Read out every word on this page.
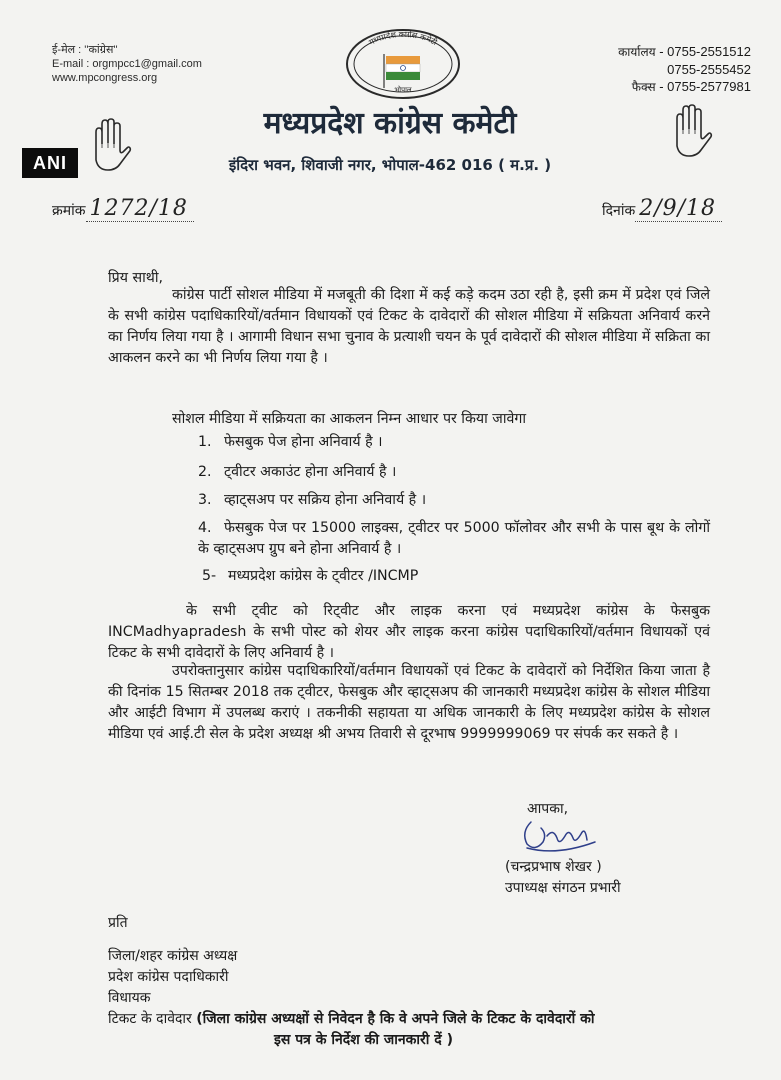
ई-मेल : ''कांग्रेस''
E-mail : orgmpcc1@gmail.com
www.mpcongress.org
मध्यप्रदेश कांग्रेस कमेटी
भोपाल
कार्यालय - 0755-2551512
0755-2555452
फैक्स - 0755-2577981
ANI
मध्यप्रदेश कांग्रेस कमेटी
इंदिरा भवन, शिवाजी नगर, भोपाल-462 016 ( म.प्र. )
क्रमांक 1272/18	दिनांक 2/9/18
प्रिय साथी,
कांग्रेस पार्टी सोशल मीडिया में मजबूती की दिशा में कई कड़े कदम उठा रही है, इसी क्रम में प्रदेश एवं जिले के सभी कांग्रेस पदाधिकारियों/वर्तमान विधायकों एवं टिकट के दावेदारों की सोशल मीडिया में सक्रियता अनिवार्य करने का निर्णय लिया गया है । आगामी विधान सभा चुनाव के प्रत्याशी चयन के पूर्व दावेदारों की सोशल मीडिया में सक्रिता का आकलन करने का भी निर्णय लिया गया है ।
सोशल मीडिया में सक्रियता का आकलन निम्न आधार पर किया जावेगा
1. फेसबुक पेज होना अनिवार्य है ।
2. ट्वीटर अकाउंट होना अनिवार्य है ।
3. व्हाट्सअप पर सक्रिय होना अनिवार्य है ।
4. फेसबुक पेज पर 15000 लाइक्स, ट्वीटर पर 5000 फॉलोवर और सभी के पास बूथ के लोगों के व्हाट्सअप ग्रुप बने होना अनिवार्य है ।
5- मध्यप्रदेश कांग्रेस के ट्वीटर /INCMP
के सभी ट्वीट को रिट्वीट और लाइक करना एवं मध्यप्रदेश कांग्रेस के फेसबुक INCMadhyapradesh के सभी पोस्ट को शेयर और लाइक करना कांग्रेस पदाधिकारियों/वर्तमान विधायकों एवं टिकट के सभी दावेदारों के लिए अनिवार्य है ।
उपरोक्तानुसार कांग्रेस पदाधिकारियों/वर्तमान विधायकों एवं टिकट के दावेदारों को निर्देशित किया जाता है की दिनांक 15 सितम्बर 2018 तक ट्वीटर, फेसबुक और व्हाट्सअप की जानकारी मध्यप्रदेश कांग्रेस के सोशल मीडिया और आईटी विभाग में उपलब्ध कराएं । तकनीकी सहायता या अधिक जानकारी के लिए मध्यप्रदेश कांग्रेस के सोशल मीडिया एवं आई.टी सेल के प्रदेश अध्यक्ष श्री अभय तिवारी से दूरभाष 9999999069 पर संपर्क कर सकते है ।
आपका,
(चन्द्रप्रभाष शेखर )
उपाध्यक्ष संगठन प्रभारी
प्रति
जिला/शहर कांग्रेस अध्यक्ष
प्रदेश कांग्रेस पदाधिकारी
विधायक
टिकट के दावेदार (जिला कांग्रेस अध्यक्षों से निवेदन है कि वे अपने जिले के टिकट के दावेदारों को
इस पत्र के निर्देश की जानकारी दें )
